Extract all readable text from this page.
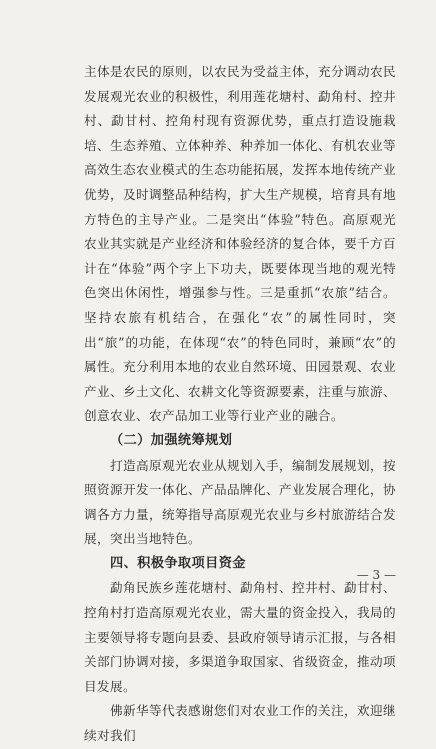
主体是农民的原则，以农民为受益主体，充分调动农民发展观光农业的积极性，利用莲花塘村、勐角村、控井村、勐甘村、控角村现有资源优势，重点打造设施栽培、生态养殖、立体种养、种养加一体化、有机农业等高效生态农业模式的生态功能拓展，发挥本地传统产业优势，及时调整品种结构，扩大生产规模，培育具有地方特色的主导产业。二是突出“体验”特色。高原观光农业其实就是产业经济和体验经济的复合体，要千方百计在“体验”两个字上下功夫，既要体现当地的观光特色突出休闲性，增强参与性。三是重抓“农旅”结合。坚持农旅有机结合，在强化“农”的属性同时，突出“旅”的功能，在体现“农”的特色同时，兼顾“农”的属性。充分利用本地的农业自然环境、田园景观、农业产业、乡土文化、农耕文化等资源要素，注重与旅游、创意农业、农产品加工业等行业产业的融合。

（二）加强统筹规划

打造高原观光农业从规划入手，编制发展规划，按照资源开发一体化、产品品牌化、产业发展合理化，协调各方力量，统筹指导高原观光农业与乡村旅游结合发展，突出当地特色。

四、积极争取项目资金

勐角民族乡莲花塘村、勐角村、控井村、勐甘村、控角村打造高原观光农业，需大量的资金投入，我局的主要领导将专题向县委、县政府领导请示汇报，与各相关部门协调对接，多渠道争取国家、省级资金，推动项目发展。

佛新华等代表感谢您们对农业工作的关注，欢迎继续对我们

— 3 —
